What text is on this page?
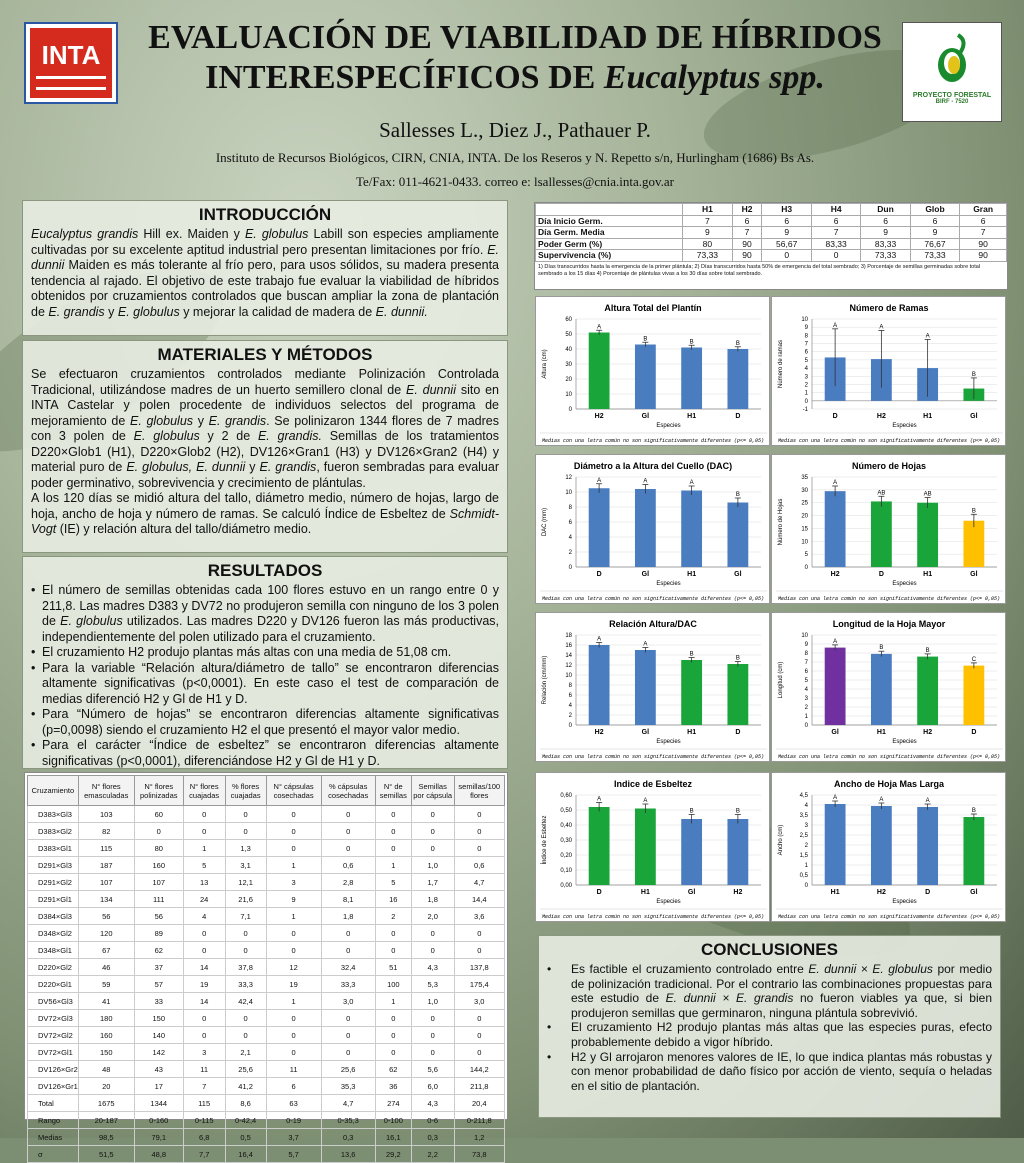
INTA	EVALUACIÓN DE VIABILIDAD DE HÍBRIDOS
INTERESPECÍFICOS DE Eucalyptus spp.	PROYECTO FORESTAL
BIRF - 7520
Sallesses L., Diez J., Pathauer P.
Instituto de Recursos Biológicos, CIRN, CNIA, INTA. De los Reseros y N. Repetto s/n, Hurlingham (1686) Bs As.
Te/Fax: 011-4621-0433. correo e: lsallesses@cnia.inta.gov.ar
INTRODUCCIÓN

Eucalyptus grandis Hill ex. Maiden y E. globulus Labill son especies ampliamente cultivadas por su excelente aptitud industrial pero presentan limitaciones por frío. E. dunnii Maiden es más tolerante al frío pero, para usos sólidos, su madera presenta tendencia al rajado. El objetivo de este trabajo fue evaluar la viabilidad de híbridos obtenidos por cruzamientos controlados que buscan ampliar la zona de plantación de E. grandis y E. globulus y mejorar la calidad de madera de E. dunnii.

MATERIALES Y MÉTODOS

Se efectuaron cruzamientos controlados mediante Polinización Controlada Tradicional, utilizándose madres de un huerto semillero clonal de E. dunnii sito en INTA Castelar y polen procedente de individuos selectos del programa de mejoramiento de E. globulus y E. grandis. Se polinizaron 1344 flores de 7 madres con 3 polen de E. globulus y 2 de E. grandis. Semillas de los tratamientos D220×Glob1 (H1), D220×Glob2 (H2), DV126×Gran1 (H3) y DV126×Gran2 (H4) y material puro de E. globulus, E. dunnii y E. grandis, fueron sembradas para evaluar poder germinativo, sobrevivencia y crecimiento de plántulas.

A los 120 días se midió altura del tallo, diámetro medio, número de hojas, largo de hoja, ancho de hoja y número de ramas. Se calculó Índice de Esbeltez de Schmidt-Vogt (IE) y relación altura del tallo/diámetro medio.

RESULTADOS
• El número de semillas obtenidas cada 100 flores estuvo en un rango entre 0 y 211,8. Las madres D383 y DV72 no produjeron semilla con ninguno de los 3 polen de E. globulus utilizados. Las madres D220 y DV126 fueron las más productivas, independientemente del polen utilizado para el cruzamiento.
• El cruzamiento H2 produjo plantas más altas con una media de 51,08 cm.
• Para la variable “Relación altura/diámetro de tallo” se encontraron diferencias altamente significativas (p<0,0001). En este caso el test de comparación de medias diferenció H2 y Gl de H1 y D.
• Para “Número de hojas” se encontraron diferencias altamente significativas (p=0,0098) siendo el cruzamiento H2 el que presentó el mayor valor medio.
• Para el carácter “Índice de esbeltez” se encontraron diferencias altamente significativas (p<0,0001), diferenciándose H2 y Gl de H1 y D.
	H1	H2	H3	H4	Dun	Glob	Gran
Día Inicio Germ.	7	6	6	6	6	6	6
Día Germ. Media	9	7	9	7	9	9	7
Poder Germ (%)	80	90	56,67	83,33	83,33	76,67	90
Supervivencia (%)	73,33	90	0	0	73,33	73,33	90
1) Días transcurridos hasta la emergencia de la primer plántula; 2) Días transcurridos hasta 50% de emergencia del total sembrado; 3) Porcentaje de semillas germinadas sobre total sembrado a los 15 días 4) Porcentaje de plántulas vivas a los 30 días sobre total sembrado.
Cruzamiento	N° flores emasculadas	N° flores polinizadas	N° flores cuajadas	% flores cuajadas	N° cápsulas cosechadas	% cápsulas cosechadas	N° de semillas	Semillas por cápsula	semillas/100 flores
D383×Gl3	103	60	0	0	0	0	0	0	0
D383×Gl2	82	0	0	0	0	0	0	0	0
D383×Gl1	115	80	1	1,3	0	0	0	0	0
D291×Gl3	187	160	5	3,1	1	0,6	1	1,0	0,6
D291×Gl2	107	107	13	12,1	3	2,8	5	1,7	4,7
D291×Gl1	134	111	24	21,6	9	8,1	16	1,8	14,4
D384×Gl3	56	56	4	7,1	1	1,8	2	2,0	3,6
D348×Gl2	120	89	0	0	0	0	0	0	0
D348×Gl1	67	62	0	0	0	0	0	0	0
D220×Gl2	46	37	14	37,8	12	32,4	51	4,3	137,8
D220×Gl1	59	57	19	33,3	19	33,3	100	5,3	175,4
DV56×Gl3	41	33	14	42,4	1	3,0	1	1,0	3,0
DV72×Gl3	180	150	0	0	0	0	0	0	0
DV72×Gl2	160	140	0	0	0	0	0	0	0
DV72×Gl1	150	142	3	2,1	0	0	0	0	0
DV126×Gr2	48	43	11	25,6	11	25,6	62	5,6	144,2
DV126×Gr1	20	17	7	41,2	6	35,3	36	6,0	211,8
Total	1675	1344	115	8,6	63	4,7	274	4,3	20,4
Rango	20-187	0-160	0-115	0-42,4	0-19	0-35,3	0-100	0-6	0-211,8
Medias	98,5	79,1	6,8	0,5	3,7	0,3	16,1	0,3	1,2
σ	51,5	48,8	7,7	16,4	5,7	13,6	29,2	2,2	73,8
Altura Total del Plantín
0
10
20
30
40
50
60
A
H2
B
Gl
B
H1
B
D
Especies
Altura (cm)
Medias con una letra común no son significativamente diferentes (p<= 0,05)
Número de Ramas
-1
0
1
2
3
4
5
6
7
8
9
10
A
D
A
H2
A
H1
B
Gl
Especies
Número de ramas
Medias con una letra común no son significativamente diferentes (p<= 0,05)
Diámetro a la Altura del Cuello (DAC)
0
2
4
6
8
10
12	A
D
A
Gl
A
H1
B
Gl
Especies
DAC (mm)
Medias con una letra común no son significativamente diferentes (p<= 0,05)
Número de Hojas
0
5
10
15
20
25
30
35
A
H2
AB
D
AB
H1
B
Gl
Especies
Número de Hojas
Medias con una letra común no son significativamente diferentes (p<= 0,05)
Relación Altura/DAC
0
2
4
6
8
10
12
14
16
18
A
H2
A
Gl
B
H1
B
D
Especies
Relación (cm/mm)
Medias con una letra común no son significativamente diferentes (p<= 0,05)
Longitud de la Hoja Mayor
0
1
2
3
4
5
6
7
8
9
10
A
Gl
B
H1
B
H2
C
D
Especies
Longitud (cm)
Medias con una letra común no son significativamente diferentes (p<= 0,05)
Indice de Esbeltez
0,00
0,10
0,20
0,30
0,40
0,50
0,60
A
D
A
H1
B
Gl
B
H2
Especies
Índice de Esbeltez
Medias con una letra común no son significativamente diferentes (p<= 0,05)
Ancho de Hoja Mas Larga
0
0,5
1
1,5
2
2,5
3
3,5
4
4,5	A
H1
A
H2
A
D
B
Gl
Especies
Ancho (cm)
Medias con una letra común no son significativamente diferentes (p<= 0,05)
CONCLUSIONES
• Es factible el cruzamiento controlado entre E. dunnii × E. globulus por medio de polinización tradicional. Por el contrario las combinaciones propuestas para este estudio de E. dunnii × E. grandis no fueron viables ya que, si bien produjeron semillas que germinaron, ninguna plántula sobrevivió.
• El cruzamiento H2 produjo plantas más altas que las especies puras, efecto probablemente debido a vigor híbrido.
• H2 y Gl arrojaron menores valores de IE, lo que indica plantas más robustas y con menor probabilidad de daño físico por acción de viento, sequía o heladas en el sitio de plantación.
